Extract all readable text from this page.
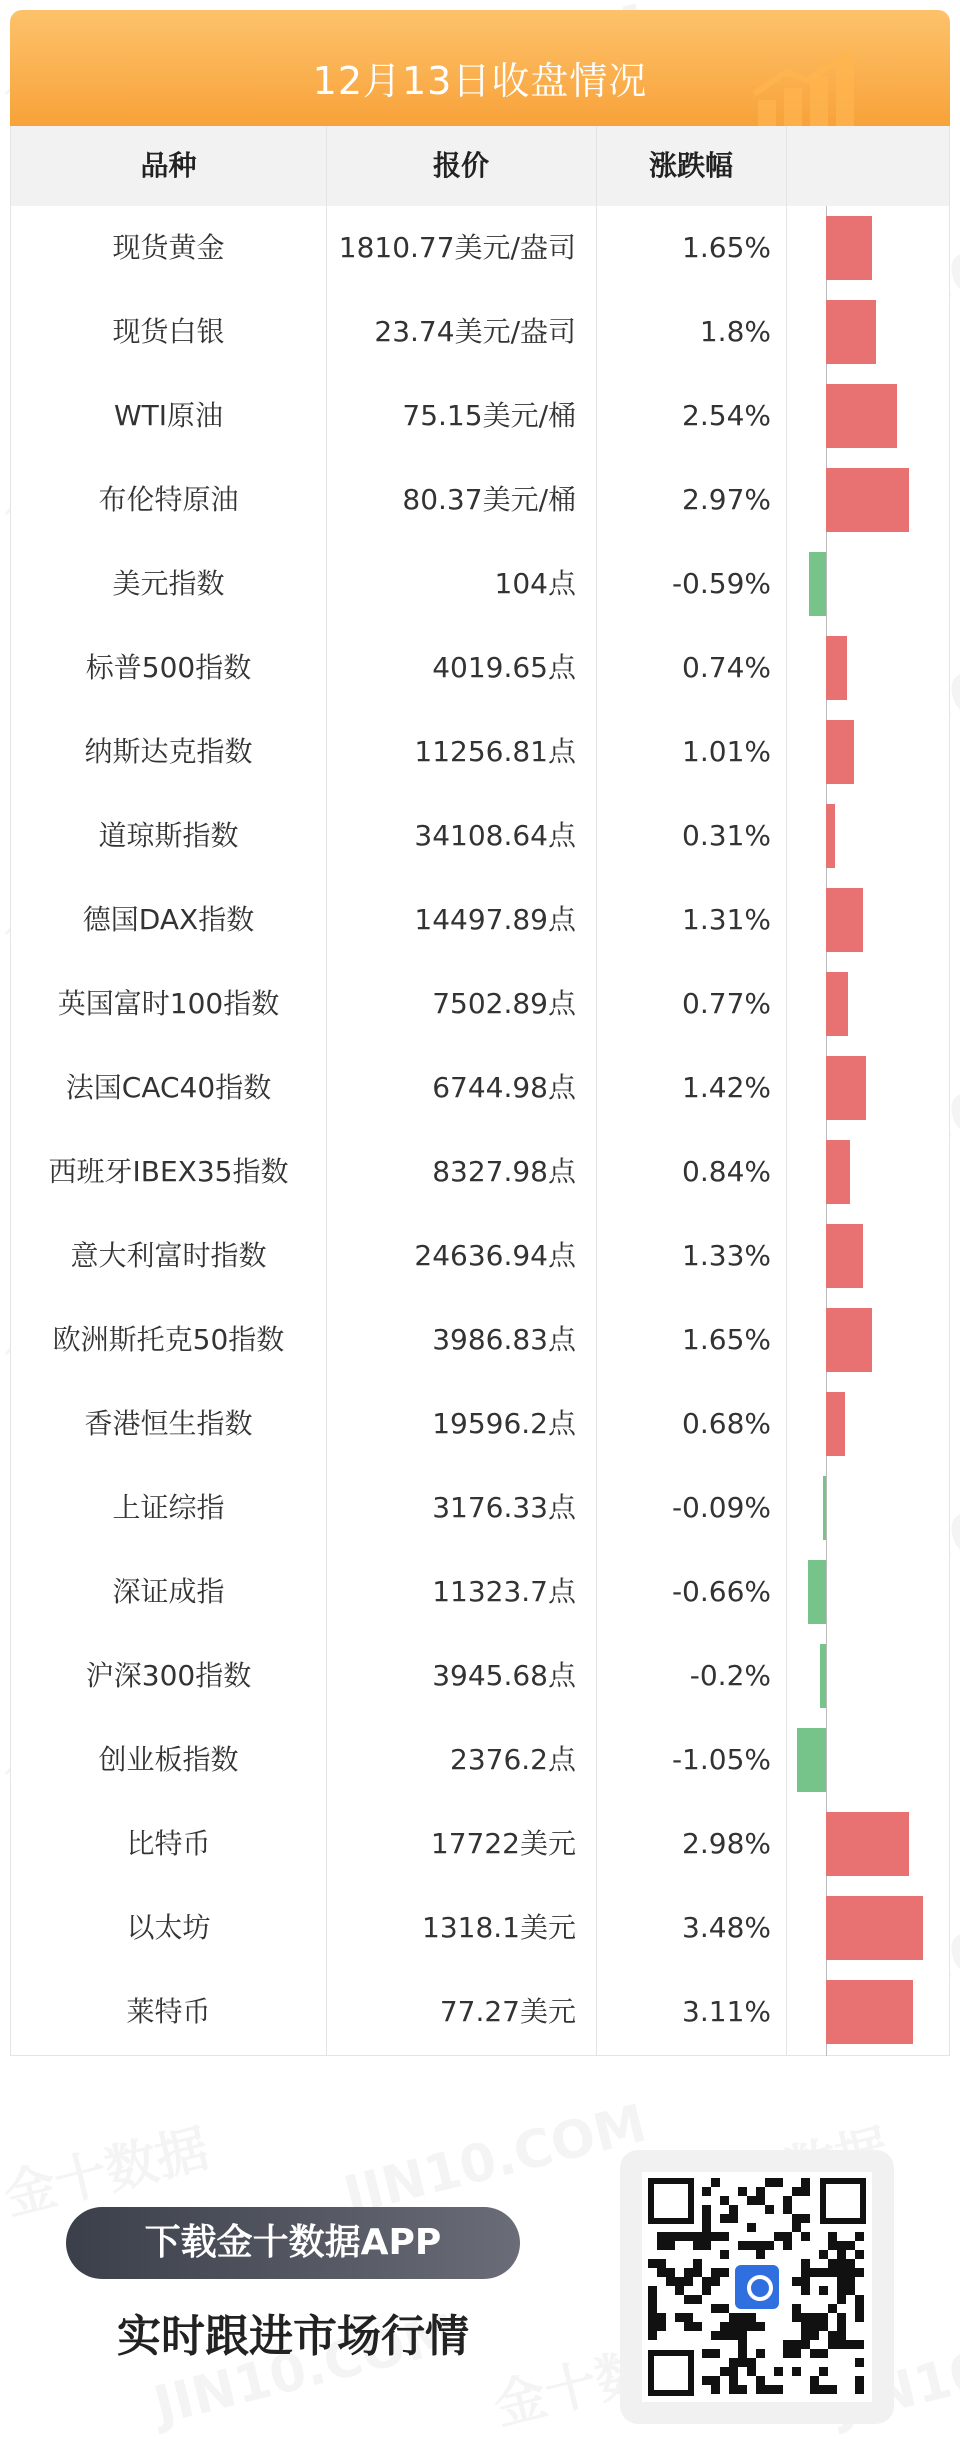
12月13日收盘情况
品种	报价	涨跌幅
现货黄金	1810.77美元/盎司	1.65%
现货白银	23.74美元/盎司	1.8%
WTI原油	75.15美元/桶	2.54%
布伦特原油	80.37美元/桶	2.97%
美元指数	104点	-0.59%
标普500指数	4019.65点	0.74%
纳斯达克指数	11256.81点	1.01%
道琼斯指数	34108.64点	0.31%
德国DAX指数	14497.89点	1.31%
英国富时100指数	7502.89点	0.77%
法国CAC40指数	6744.98点	1.42%
西班牙IBEX35指数	8327.98点	0.84%
意大利富时指数	24636.94点	1.33%
欧洲斯托克50指数	3986.83点	1.65%
香港恒生指数	19596.2点	0.68%
上证综指	3176.33点	-0.09%
深证成指	11323.7点	-0.66%
沪深300指数	3945.68点	-0.2%
创业板指数	2376.2点	-1.05%
比特币	17722美元	2.98%
以太坊	1318.1美元	3.48%
莱特币	77.27美元	3.11%
下载金十数据APP
实时跟进市场行情
